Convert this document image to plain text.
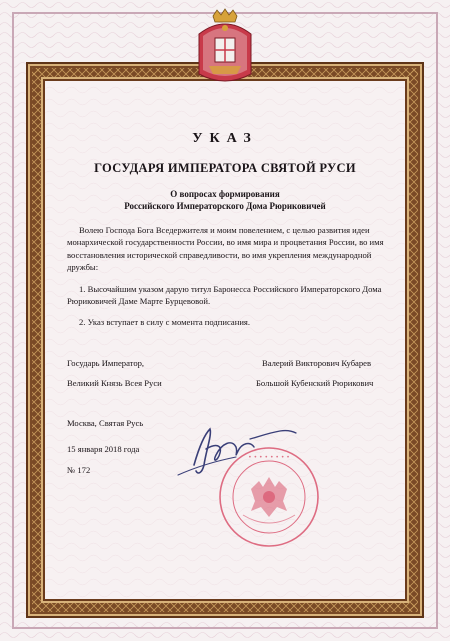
УКАЗ
ГОСУДАРЯ ИМПЕРАТОРА СВЯТОЙ РУСИ
О вопросах формирования
Российского Императорского Дома Рюриковичей
Волею Господа Бога Вседержителя и моим повелением, с целью развития идеи монархической государственности России, во имя мира и процветания России, во имя восстановления исторической справедливости, во имя укрепления международной дружбы:
1. Высочайшим указом дарую титул Баронесса Российского Императорского Дома Рюриковичей Даме Марте Бурцевовой.
2. Указ вступает в силу с момента подписания.
Государь Император,
Великий Князь Всея Руси
Валерий Викторович Кубарев
Большой Кубенский Рюрикович
Москва, Святая Русь
15 января 2018 года
№ 172
• • • • • • • •
